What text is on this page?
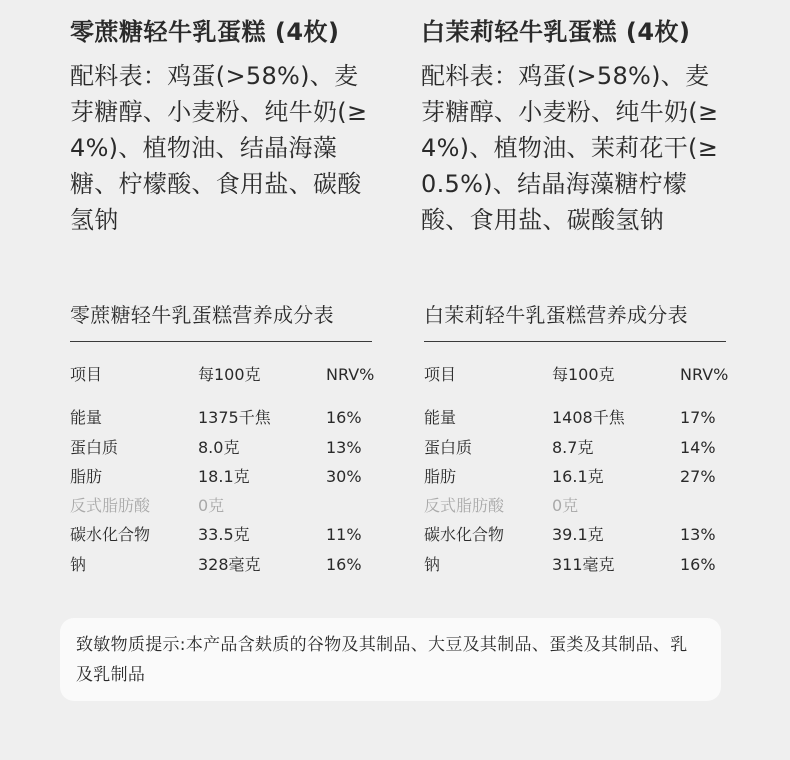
零蔗糖轻牛乳蛋糕 (4枚)

配料表：鸡蛋(>58%)、麦芽糖醇、小麦粉、纯牛奶(≥4%)、植物油、结晶海藻糖、柠檬酸、食用盐、碳酸氢钠

白茉莉轻牛乳蛋糕 (4枚)

配料表：鸡蛋(>58%)、麦芽糖醇、小麦粉、纯牛奶(≥4%)、植物油、茉莉花干(≥0.5%)、结晶海藻糖柠檬酸、食用盐、碳酸氢钠

零蔗糖轻牛乳蛋糕营养成分表	白茉莉轻牛乳蛋糕营养成分表
项目	每100克	NRV%
能量	1375千焦	16%
蛋白质	8.0克	13%
脂肪	18.1克	30%
反式脂肪酸	0克
碳水化合物	33.5克	11%
钠	328毫克	16%
项目	每100克	NRV%
能量	1408千焦	17%
蛋白质	8.7克	14%
脂肪	16.1克	27%
反式脂肪酸	0克
碳水化合物	39.1克	13%
钠	311毫克	16%

致敏物质提示:本产品含麸质的谷物及其制品、大豆及其制品、蛋类及其制品、乳及乳制品
